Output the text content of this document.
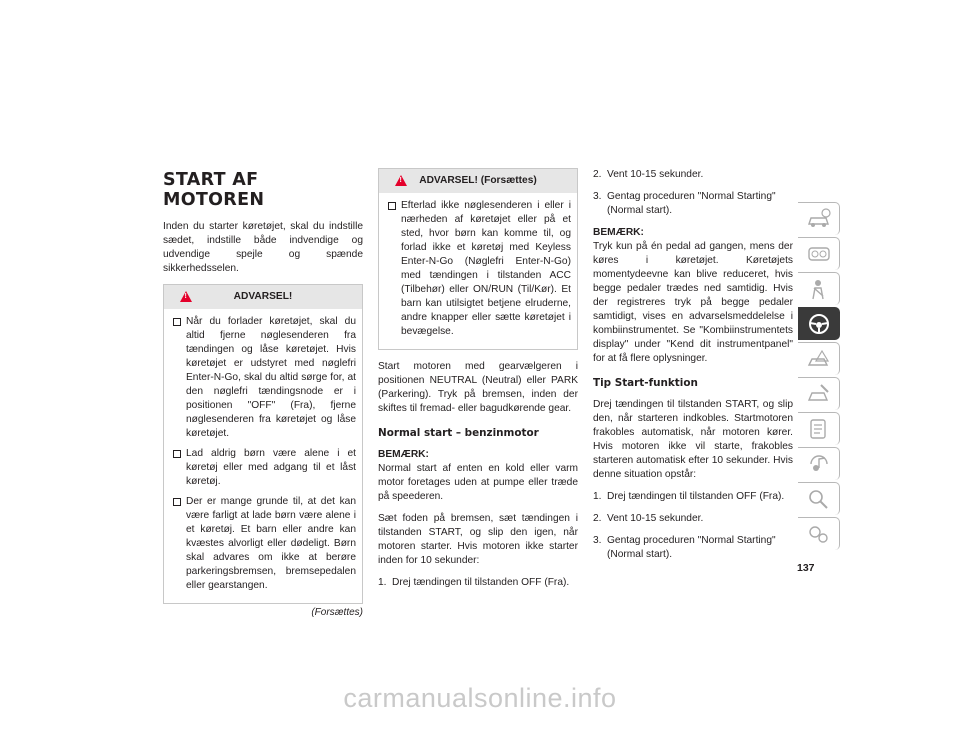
START AF MOTOREN

Inden du starter køretøjet, skal du indstille sædet, indstille både indvendige og udvendige spejle og spænde sikkerhedsselen.

!
ADVARSEL!
Når du forlader køretøjet, skal du altid fjerne nøglesenderen fra tændingen og låse køretøjet. Hvis køretøjet er udstyret med nøglefri Enter-N-Go, skal du altid sørge for, at den nøglefri tændingsnode er i positionen "OFF" (Fra), fjerne nøglesenderen fra køretøjet og låse køretøjet.
Lad aldrig børn være alene i et køretøj eller med adgang til et låst køretøj.
Der er mange grunde til, at det kan være farligt at lade børn være alene i et køretøj. Et barn eller andre kan kvæstes alvorligt eller dødeligt. Børn skal advares om ikke at berøre parkeringsbremsen, bremsepedalen eller gearstangen.
(Forsættes)
!
ADVARSEL! (Forsættes)
Efterlad ikke nøglesenderen i eller i nærheden af køretøjet eller på et sted, hvor børn kan komme til, og forlad ikke et køretøj med Keyless Enter-N-Go (Nøglefri Enter-N-Go) med tændingen i tilstanden ACC (Tilbehør) eller ON/RUN (Til/Kør). Et barn kan utilsigtet betjene elruderne, andre knapper eller sætte køretøjet i bevægelse.

Start motoren med gearvælgeren i positionen NEUTRAL (Neutral) eller PARK (Parkering). Tryk på bremsen, inden der skiftes til fremad- eller bagudkørende gear.

Normal start – benzinmotor

BEMÆRK:

Normal start af enten en kold eller varm motor foretages uden at pumpe eller træde på speederen.

Sæt foden på bremsen, sæt tændingen i tilstanden START, og slip den igen, når motoren starter. Hvis motoren ikke starter inden for 10 sekunder:

1. Drej tændingen til tilstanden OFF (Fra).
2. Vent 10-15 sekunder.
3. Gentag proceduren "Normal Starting" (Normal start).

BEMÆRK:

Tryk kun på én pedal ad gangen, mens der køres i køretøjet. Køretøjets momentydeevne kan blive reduceret, hvis begge pedaler trædes ned samtidig. Hvis der registreres tryk på begge pedaler samtidigt, vises en advarselsmeddelelse i kombiinstrumentet. Se "Kombiinstrumentets display" under "Kend dit instrumentpanel" for at få flere oplysninger.

Tip Start-funktion

Drej tændingen til tilstanden START, og slip den, når starteren indkobles. Startmotoren frakobles automatisk, når motoren kører. Hvis motoren ikke vil starte, frakobles starteren automatisk efter 10 sekunder. Hvis denne situation opstår:

1. Drej tændingen til tilstanden OFF (Fra).
2. Vent 10-15 sekunder.
3. Gentag proceduren "Normal Starting" (Normal start).
137
carmanualsonline.info
